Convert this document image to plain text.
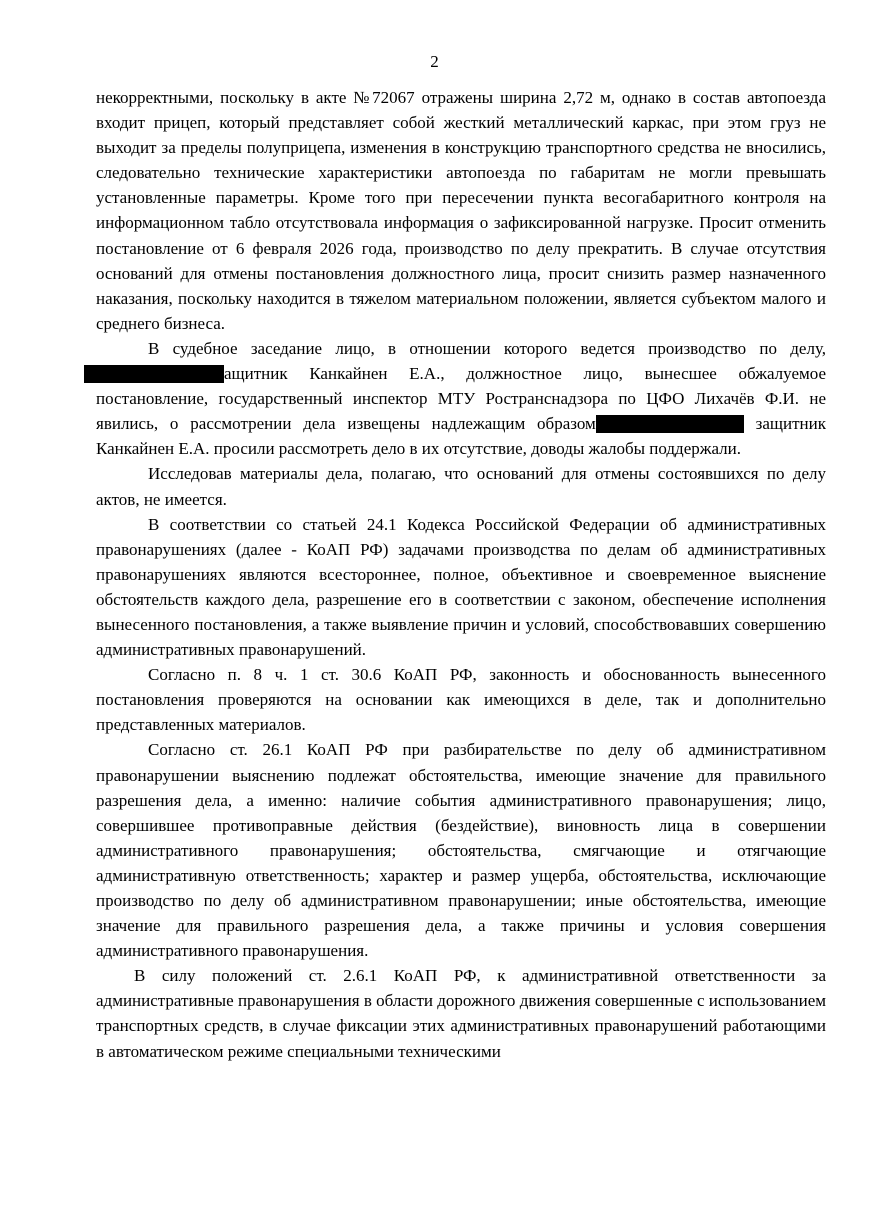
2

некорректными, поскольку в акте №72067 отражены ширина 2,72 м, однако в состав автопоезда входит прицеп, который представляет собой жесткий металлический каркас, при этом груз не выходит за пределы полуприцепа, изменения в конструкцию транспортного средства не вносились, следовательно технические характеристики автопоезда по габаритам не могли превышать установленные параметры. Кроме того при пересечении пункта весогабаритного контроля на информационном табло отсутствовала информация о зафиксированной нагрузке. Просит отменить постановление от 6 февраля 2026 года, производство по делу прекратить. В случае отсутствия оснований для отмены постановления должностного лица, просит снизить размер назначенного наказания, поскольку находится в тяжелом материальном положении, является субъектом малого и среднего бизнеса.

В судебное заседание лицо, в отношении которого ведется производство по делу, ащитник Канкайнен Е.А., должностное лицо, вынесшее обжалуемое постановление, государственный инспектор МТУ Ространснадзора по ЦФО Лихачёв Ф.И. не явились, о рассмотрении дела извещены надлежащим образом	защитник Канкайнен Е.А. просили рассмотреть дело в их отсутствие, доводы жалобы поддержали.

Исследовав материалы дела, полагаю, что оснований для отмены состоявшихся по делу актов, не имеется.

В соответствии со статьей 24.1 Кодекса Российской Федерации об административных правонарушениях (далее - КоАП РФ) задачами производства по делам об административных правонарушениях являются всестороннее, полное, объективное и своевременное выяснение обстоятельств каждого дела, разрешение его в соответствии с законом, обеспечение исполнения вынесенного постановления, а также выявление причин и условий, способствовавших совершению административных правонарушений.

Согласно п. 8 ч. 1 ст. 30.6 КоАП РФ, законность и обоснованность вынесенного постановления проверяются на основании как имеющихся в деле, так и дополнительно представленных материалов.

Согласно ст. 26.1 КоАП РФ при разбирательстве по делу об административном правонарушении выяснению подлежат обстоятельства, имеющие значение для правильного разрешения дела, а именно: наличие события административного правонарушения; лицо, совершившее противоправные действия (бездействие), виновность лица в совершении административного правонарушения; обстоятельства, смягчающие и отягчающие административную ответственность; характер и размер ущерба, обстоятельства, исключающие производство по делу об административном правонарушении; иные обстоятельства, имеющие значение для правильного разрешения дела, а также причины и условия совершения административного правонарушения.

В силу положений ст. 2.6.1 КоАП РФ, к административной ответственности за административные правонарушения в области дорожного движения совершенные с использованием транспортных средств, в случае фиксации этих административных правонарушений работающими в автоматическом режиме специальными техническими
